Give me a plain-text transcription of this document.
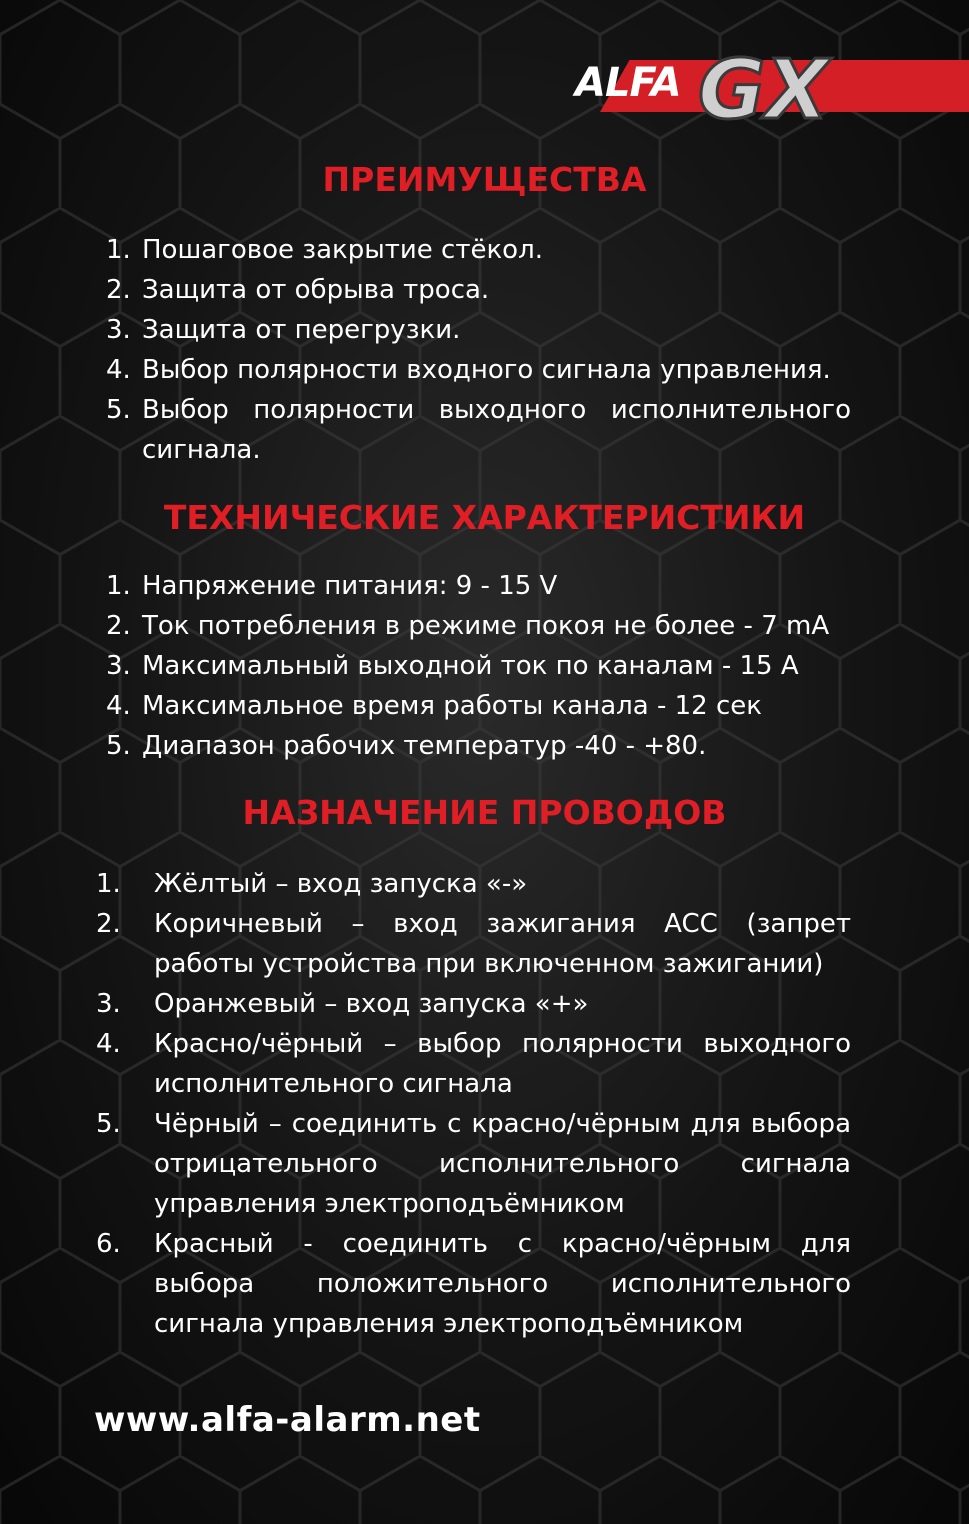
ALFA GX
ПРЕИМУЩЕСТВА
1. Пошаговое закрытие стёкол.
2. Защита от обрыва троса.
3. Защита от перегрузки.
4. Выбор полярности входного сигнала управления.
5. Выбор полярности выходного исполнительного сигнала.
ТЕХНИЧЕСКИЕ ХАРАКТЕРИСТИКИ
1. Напряжение питания: 9 - 15 V
2. Ток потребления в режиме покоя не более - 7 mA
3. Максимальный выходной ток по каналам - 15 A
4. Максимальное время работы канала - 12 сек
5. Диапазон рабочих температур -40 - +80.
НАЗНАЧЕНИЕ ПРОВОДОВ
1. Жёлтый – вход запуска «-»
2. Коричневый – вход зажигания ACC (запрет работы устройства при включенном зажигании)
3. Оранжевый – вход запуска «+»
4. Красно/чёрный – выбор полярности выходного исполнительного сигнала
5. Чёрный – соединить с красно/чёрным для выбора отрицательного исполнительного сигнала управления электроподъёмником
6. Красный - соединить с красно/чёрным для выбора положительного исполнительного сигнала управления электроподъёмником
www.alfa-alarm.net
